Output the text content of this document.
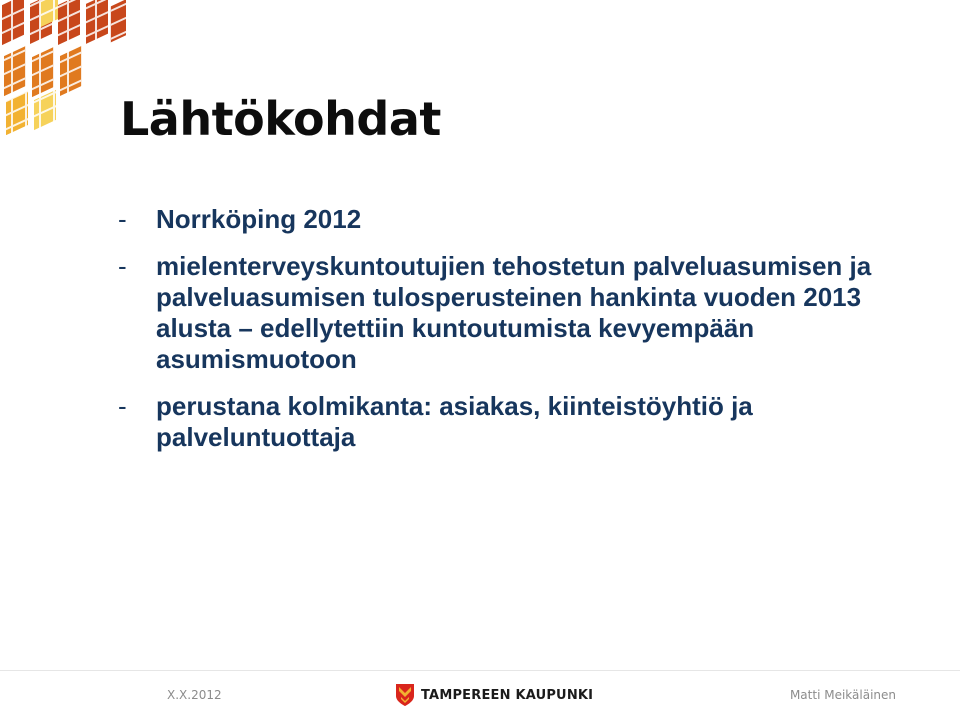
Lähtökohdat
-	Norrköping 2012
-	mielenterveyskuntoutujien tehostetun palveluasumisen ja palveluasumisen tulosperusteinen hankinta vuoden 2013 alusta – edellytettiin kuntoutumista kevyempään asumismuotoon
-	perustana kolmikanta: asiakas, kiinteistöyhtiö ja palveluntuottaja
X.X.2012	TAMPEREEN KAUPUNKI	Matti Meikäläinen
